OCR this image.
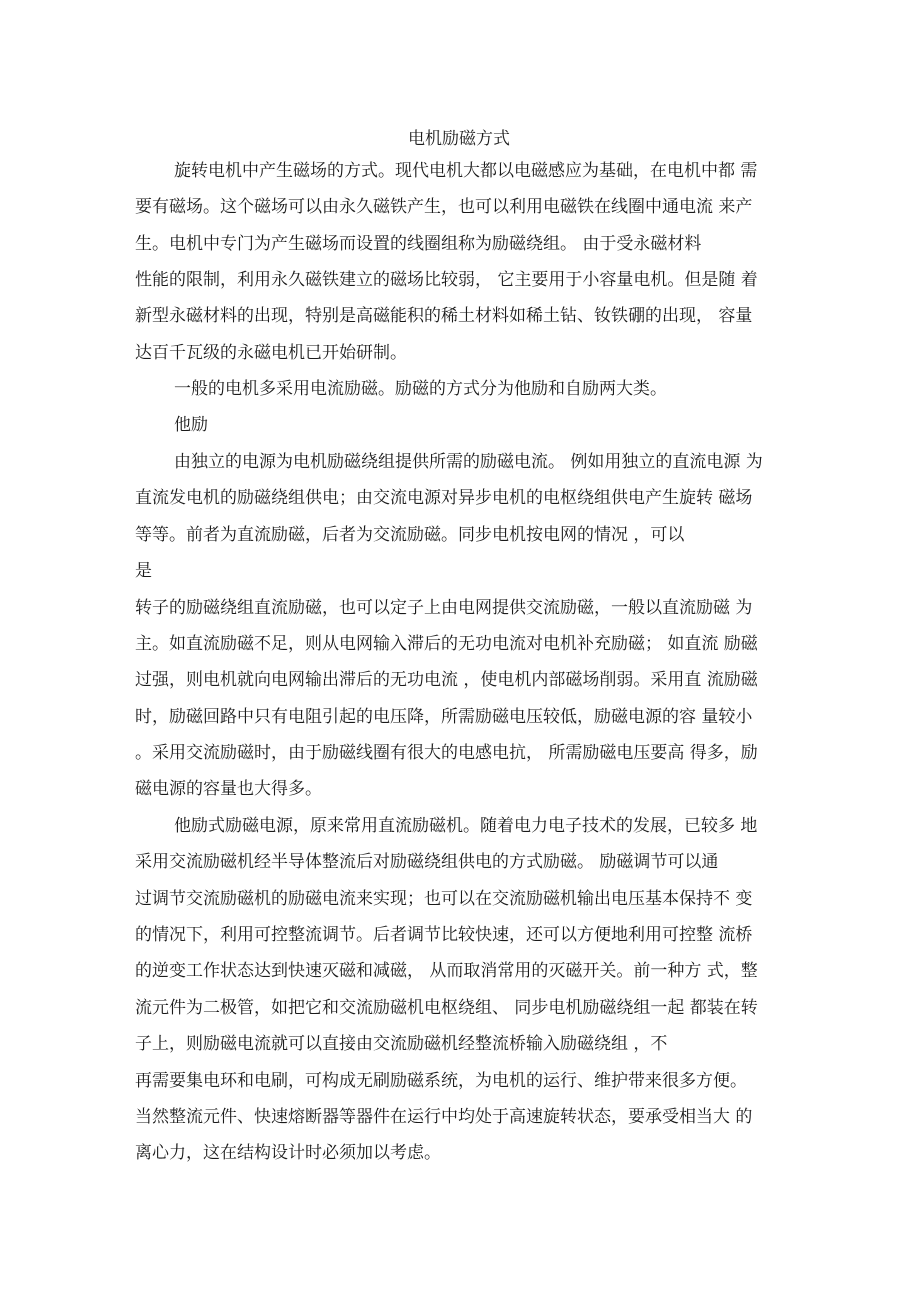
电机励磁方式
旋转电机中产生磁场的方式。现代电机大都以电磁感应为基础，在电机中都 需
要有磁场。这个磁场可以由永久磁铁产生，也可以利用电磁铁在线圈中通电流 来产
生。电机中专门为产生磁场而设置的线圈组称为励磁绕组。 由于受永磁材料
性能的限制，利用永久磁铁建立的磁场比较弱， 它主要用于小容量电机。但是随 着
新型永磁材料的出现，特别是高磁能积的稀土材料如稀土钻、钕铁硼的出现， 容量
达百千瓦级的永磁电机已开始研制。
一般的电机多采用电流励磁。励磁的方式分为他励和自励两大类。
他励
由独立的电源为电机励磁绕组提供所需的励磁电流。 例如用独立的直流电源 为
直流发电机的励磁绕组供电；由交流电源对异步电机的电枢绕组供电产生旋转 磁场
等等。前者为直流励磁，后者为交流励磁。同步电机按电网的情况 ，可以
是
转子的励磁绕组直流励磁，也可以定子上由电网提供交流励磁，一般以直流励磁 为
主。如直流励磁不足，则从电网输入滞后的无功电流对电机补充励磁； 如直流 励磁
过强，则电机就向电网输出滞后的无功电流 ，使电机内部磁场削弱。采用直 流励磁
时，励磁回路中只有电阻引起的电压降，所需励磁电压较低，励磁电源的容 量较小
。采用交流励磁时，由于励磁线圈有很大的电感电抗， 所需励磁电压要高 得多，励
磁电源的容量也大得多。
他励式励磁电源，原来常用直流励磁机。随着电力电子技术的发展，已较多 地
采用交流励磁机经半导体整流后对励磁绕组供电的方式励磁。 励磁调节可以通
过调节交流励磁机的励磁电流来实现；也可以在交流励磁机输出电压基本保持不 变
的情况下，利用可控整流调节。后者调节比较快速，还可以方便地利用可控整 流桥
的逆变工作状态达到快速灭磁和减磁， 从而取消常用的灭磁开关。前一种方 式，整
流元件为二极管，如把它和交流励磁机电枢绕组、 同步电机励磁绕组一起 都装在转
子上，则励磁电流就可以直接由交流励磁机经整流桥输入励磁绕组 ，不
再需要集电环和电刷，可构成无刷励磁系统，为电机的运行、维护带来很多方便。
当然整流元件、快速熔断器等器件在运行中均处于高速旋转状态，要承受相当大 的
离心力，这在结构设计时必须加以考虑。
